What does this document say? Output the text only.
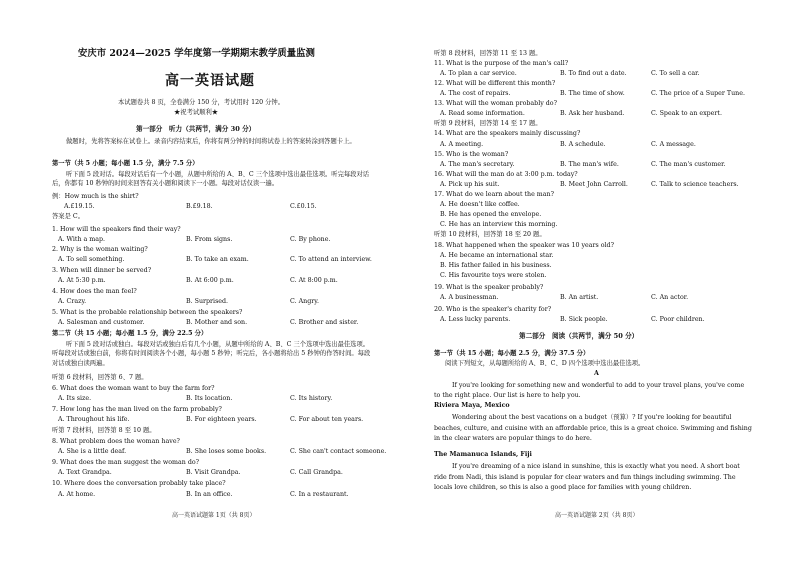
安庆市 2024—2025 学年度第一学期期末教学质量监测
高一英语试题
本试题卷共 8 页，全卷满分 150 分，考试用时 120 分钟。
★祝考试顺利★
第一部分　听力（共两节，满分 30 分）
做题时，先将答案标在试卷上。录音内容结束后，你将有两分钟的时间将试卷上的答案转涂到答题卡上。
第一节（共 5 小题；每小题 1.5 分，满分 7.5 分）
听下面 5 段对话。每段对话后有一个小题，从题中所给的 A、B、C 三个选项中选出最佳选项。听完每段对话后，你都有 10 秒钟的时间来回答有关小题和阅读下一小题。每段对话仅读一遍。
例：How much is the shirt?
A.£19.15.	B.£9.18.	C.£0.15.
答案是 C。
1. How will the speakers find their way?
A. With a map.	B. From signs.	C. By phone.
2. Why is the woman waiting?
A. To sell something.	B. To take an exam.	C. To attend an interview.
3. When will dinner be served?
A. At 5:30 p.m.	B. At 6:00 p.m.	C. At 8:00 p.m.
4. How does the man feel?
A. Crazy.	B. Surprised.	C. Angry.
5. What is the probable relationship between the speakers?
A. Salesman and customer.	B. Mother and son.	C. Brother and sister.
第二节（共 15 小题；每小题 1.5 分，满分 22.5 分）
听下面 5 段对话或独白。每段对话或独白后有几个小题，从题中所给的 A、B、C 三个选项中选出最佳选项。听每段对话或独白前，你将有时间阅读各个小题，每小题 5 秒钟；听完后，各小题将给出 5 秒钟的作答时间。每段对话或独白读两遍。
听第 6 段材料，回答第 6、7 题。
6. What does the woman want to buy the farm for?
A. Its size.	B. Its location.	C. Its history.
7. How long has the man lived on the farm probably?
A. Throughout his life.	B. For eighteen years.	C. For about ten years.
听第 7 段材料，回答第 8 至 10 题。
8. What problem does the woman have?
A. She is a little deaf.	B. She loses some books.	C. She can't contact someone.
9. What does the man suggest the woman do?
A. Text Grandpa.	B. Visit Grandpa.	C. Call Grandpa.
10. Where does the conversation probably take place?
A. At home.	B. In an office.	C. In a restaurant.
高一英语试题第 1页（共 8页）
听第 8 段材料，回答第 11 至 13 题。
11. What is the purpose of the man's call?
A. To plan a car service.	B. To find out a date.	C. To sell a car.
12. What will be different this month?
A. The cost of repairs.	B. The time of show.	C. The price of a Super Tune.
13. What will the woman probably do?
A. Read some information.	B. Ask her husband.	C. Speak to an expert.
听第 9 段材料，回答第 14 至 17 题。
14. What are the speakers mainly discussing?
A. A meeting.	B. A schedule.	C. A message.
15. Who is the woman?
A. The man's secretary.	B. The man's wife.	C. The man's customer.
16. What will the man do at 3:00 p.m. today?
A. Pick up his suit.	B. Meet John Carroll.	C. Talk to science teachers.
17. What do we learn about the man?
A. He doesn't like coffee.
B. He has opened the envelope.
C. He has an interview this morning.
听第 10 段材料，回答第 18 至 20 题。
18. What happened when the speaker was 10 years old?
A. He became an international star.
B. His father failed in his business.
C. His favourite toys were stolen.
19. What is the speaker probably?
A. A businessman.	B. An artist.	C. An actor.
20. Who is the speaker's charity for?
A. Less lucky parents.	B. Sick people.	C. Poor children.
第二部分　阅读（共两节，满分 50 分）
第一节（共 15 小题；每小题 2.5 分，满分 37.5 分）
阅读下列短文，从每题所给的 A、B、C、D 四个选项中选出最佳选项。
A
If you're looking for something new and wonderful to add to your travel plans, you've come to the right place. Our list is here to help you.
Riviera Maya, Mexico
Wondering about the best vacations on a budget（预算）? If you're looking for beautiful beaches, culture, and cuisine with an affordable price, this is a great choice. Swimming and fishing in the clear waters are popular things to do here.
The Mamanuca Islands, Fiji
If you're dreaming of a nice island in sunshine, this is exactly what you need. A short boat ride from Nadi, this island is popular for clear waters and fun things including swimming. The locals love children, so this is also a good place for families with young children.
高一英语试题第 2页（共 8页）
